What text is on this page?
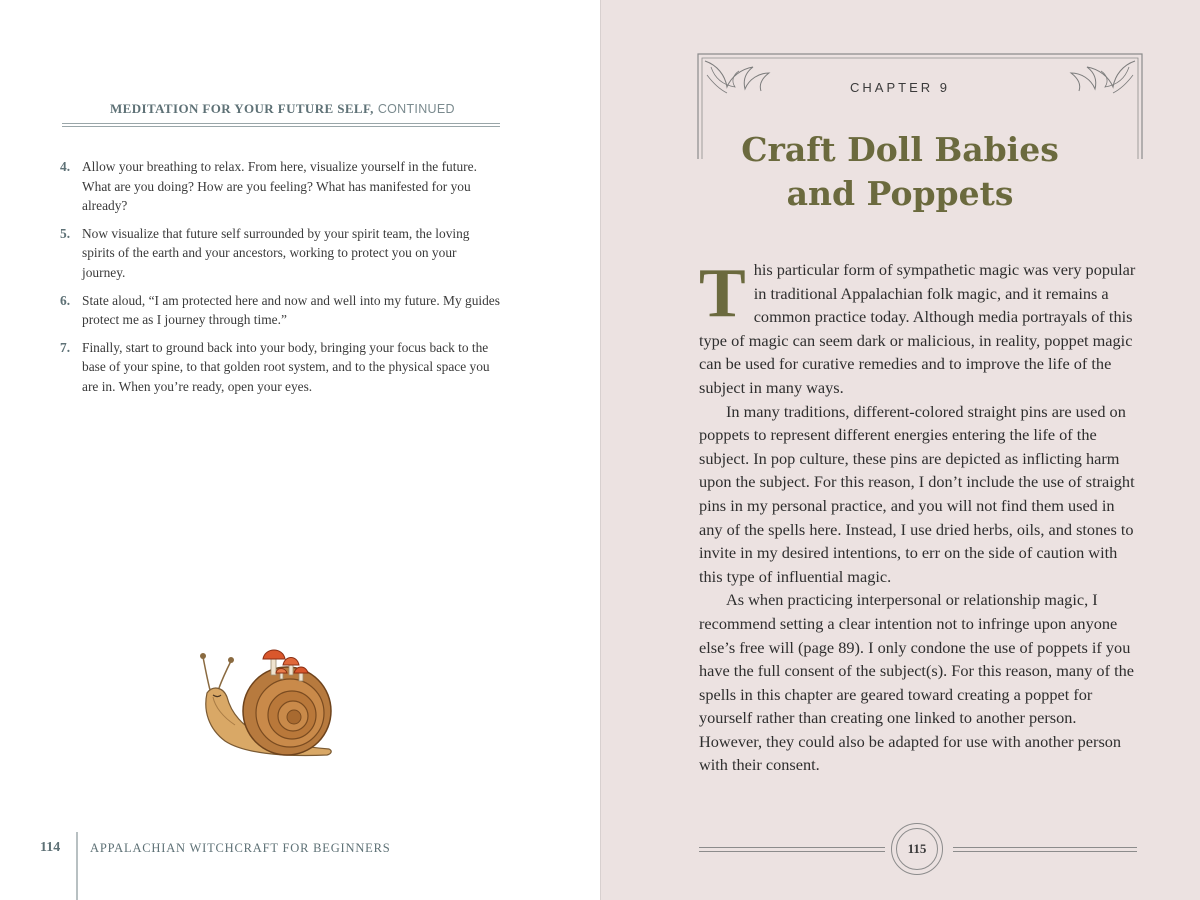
MEDITATION FOR YOUR FUTURE SELF, CONTINUED
4. Allow your breathing to relax. From here, visualize yourself in the future. What are you doing? How are you feeling? What has manifested for you already?
5. Now visualize that future self surrounded by your spirit team, the loving spirits of the earth and your ancestors, working to protect you on your journey.
6. State aloud, “I am protected here and now and well into my future. My guides protect me as I journey through time.”
7. Finally, start to ground back into your body, bringing your focus back to the base of your spine, to that golden root system, and to the physical space you are in. When you’re ready, open your eyes.
114 APPALACHIAN WITCHCRAFT FOR BEGINNERS
CHAPTER 9
Craft Doll Babies
and Poppets

This particular form of sympathetic magic was very popular in traditional Appalachian folk magic, and it remains a common practice today. Although media portrayals of this type of magic can seem dark or malicious, in reality, poppet magic can be used for curative remedies and to improve the life of the subject in many ways.

In many traditions, different-colored straight pins are used on poppets to represent different energies entering the life of the subject. In pop culture, these pins are depicted as inflicting harm upon the subject. For this reason, I don’t include the use of straight pins in my personal practice, and you will not find them used in any of the spells here. Instead, I use dried herbs, oils, and stones to invite in my desired intentions, to err on the side of caution with this type of influential magic.

As when practicing interpersonal or relationship magic, I recommend setting a clear intention not to infringe upon anyone else’s free will (page 89). I only condone the use of poppets if you have the full consent of the subject(s). For this reason, many of the spells in this chapter are geared toward creating a poppet for yourself rather than creating one linked to another person. However, they could also be adapted for use with another person with their consent.

115
